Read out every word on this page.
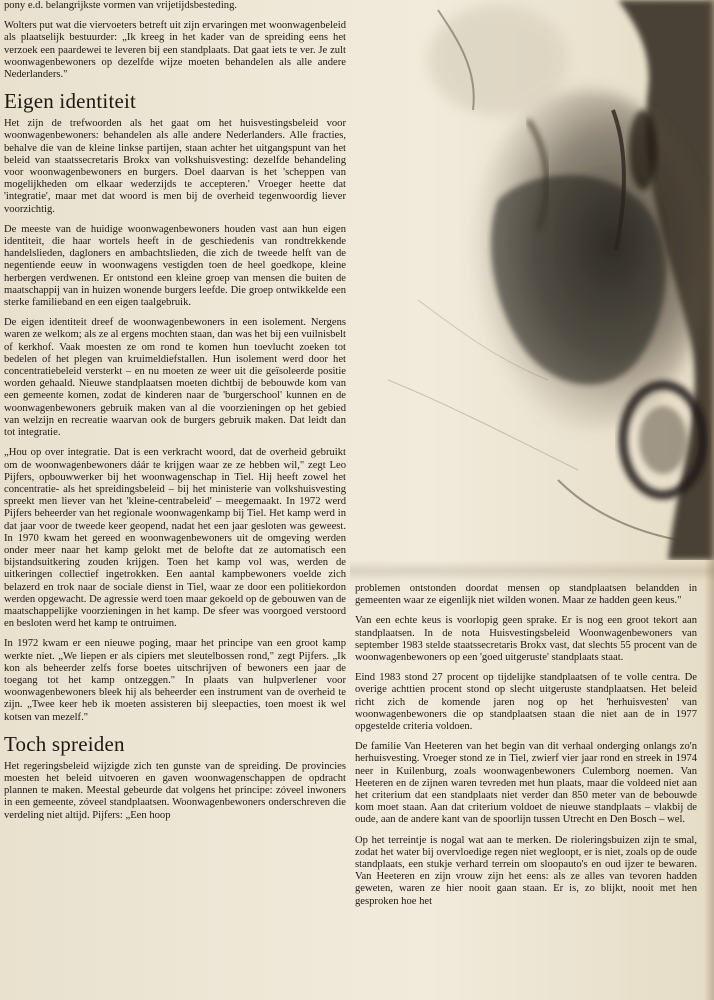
pony e.d. belangrijkste vormen van vrijetijdsbesteding.

Wolters put wat die viervoeters betreft uit zijn ervaringen met woonwagenbeleid als plaatselijk bestuurder: „Ik kreeg in het kader van de spreiding eens het verzoek een paardewei te leveren bij een standplaats. Dat gaat iets te ver. Je zult woonwagenbewoners op dezelfde wijze moeten behandelen als alle andere Nederlanders."

Eigen identiteit

Het zijn de trefwoorden als het gaat om het huisvestingsbeleid voor woonwagenbewoners: behandelen als alle andere Nederlanders. Alle fracties, behalve die van de kleine linkse partijen, staan achter het uitgangspunt van het beleid van staatssecretaris Brokx van volkshuisvesting: dezelfde behandeling voor woonwagenbewoners en burgers. Doel daarvan is het 'scheppen van mogelijkheden om elkaar wederzijds te accepteren.' Vroeger heette dat 'integratie', maar met dat woord is men bij de overheid tegenwoordig liever voorzichtig.

De meeste van de huidige woonwagenbewoners houden vast aan hun eigen identiteit, die haar wortels heeft in de geschiedenis van rondtrekkende handelslieden, dagloners en ambachtslieden, die zich de tweede helft van de negentiende eeuw in woonwagens vestigden toen de heel goedkope, kleine herbergen verdwenen. Er ontstond een kleine groep van mensen die buiten de maatschappij van in huizen wonende burgers leefde. Die groep ontwikkelde een sterke familieband en een eigen taalgebruik.

De eigen identiteit dreef de woonwagenbewoners in een isolement. Nergens waren ze welkom; als ze al ergens mochten staan, dan was het bij een vuilnisbelt of kerkhof. Vaak moesten ze om rond te komen hun toevlucht zoeken tot bedelen of het plegen van kruimeldiefstallen. Hun isolement werd door het concentratiebeleid versterkt – en nu moeten ze weer uit die geïsoleerde positie worden gehaald. Nieuwe standplaatsen moeten dichtbij de bebouwde kom van een gemeente komen, zodat de kinderen naar de 'burgerschool' kunnen en de woonwagenbewoners gebruik maken van al die voorzieningen op het gebied van welzijn en recreatie waarvan ook de burgers gebruik maken. Dat leidt dan tot integratie.

„Hou op over integratie. Dat is een verkracht woord, dat de overheid gebruikt om de woonwagenbewoners dáár te krijgen waar ze ze hebben wil," zegt Leo Pijfers, opbouwwerker bij het woonwagenschap in Tiel. Hij heeft zowel het concentratie- als het spreidingsbeleid – bij het ministerie van volkshuisvesting spreekt men liever van het 'kleine-centrabeleid' – meegemaakt. In 1972 werd Pijfers beheerder van het regionale woonwagenkamp bij Tiel. Het kamp werd in dat jaar voor de tweede keer geopend, nadat het een jaar gesloten was geweest. In 1970 kwam het gereed en woonwagenbewoners uit de omgeving werden onder meer naar het kamp gelokt met de belofte dat ze automatisch een bijstandsuitkering zouden krijgen. Toen het kamp vol was, werden de uitkeringen collectief ingetrokken. Een aantal kampbewoners voelde zich belazerd en trok naar de sociale dienst in Tiel, waar ze door een politiekordon werden opgewacht. De agressie werd toen maar gekoeld op de gebouwen van de maatschappelijke voorzieningen in het kamp. De sfeer was voorgoed verstoord en besloten werd het kamp te ontruimen.

In 1972 kwam er een nieuwe poging, maar het principe van een groot kamp werkte niet. „We liepen er als cipiers met sleutelbossen rond," zegt Pijfers. „Ik kon als beheerder zelfs forse boetes uitschrijven of bewoners een jaar de toegang tot het kamp ontzeggen." In plaats van hulpverlener voor woonwagenbewoners bleek hij als beheerder een instrument van de overheid te zijn. „Twee keer heb ik moeten assisteren bij sleepacties, toen moest ik wel kotsen van mezelf."

Toch spreiden

Het regeringsbeleid wijzigde zich ten gunste van de spreiding. De provincies moesten het beleid uitvoeren en gaven woonwagenschappen de opdracht plannen te maken. Meestal gebeurde dat volgens het principe: zóveel inwoners in een gemeente, zóveel standplaatsen. Woonwagenbewoners onderschreven die verdeling niet altijd. Pijfers: „Een hoop

problemen ontstonden doordat mensen op standplaatsen belandden in gemeenten waar ze eigenlijk niet wilden wonen. Maar ze hadden geen keus."

Van een echte keus is voorlopig geen sprake. Er is nog een groot tekort aan standplaatsen. In de nota Huisvestingsbeleid Woonwagenbewoners van september 1983 stelde staatssecretaris Brokx vast, dat slechts 55 procent van de woonwagenbewoners op een 'goed uitgeruste' standplaats staat.

Eind 1983 stond 27 procent op tijdelijke standplaatsen of te volle centra. De overige achttien procent stond op slecht uitgeruste standplaatsen. Het beleid richt zich de komende jaren nog op het 'herhuisvesten' van woonwagenbewoners die op standplaatsen staan die niet aan de in 1977 opgestelde criteria voldoen.

De familie Van Heeteren van het begin van dit verhaal onderging onlangs zo'n herhuisvesting. Vroeger stond ze in Tiel, zwierf vier jaar rond en streek in 1974 neer in Kuilenburg, zoals woonwagenbewoners Culemborg noemen. Van Heeteren en de zijnen waren tevreden met hun plaats, maar die voldeed niet aan het criterium dat een standplaats niet verder dan 850 meter van de bebouwde kom moet staan. Aan dat criterium voldoet de nieuwe standplaats – vlakbij de oude, aan de andere kant van de spoorlijn tussen Utrecht en Den Bosch – wel.

Op het terreintje is nogal wat aan te merken. De rioleringsbuizen zijn te smal, zodat het water bij overvloedige regen niet wegloopt, er is niet, zoals op de oude standplaats, een stukje verhard terrein om sloopauto's en oud ijzer te bewaren. Van Heeteren en zijn vrouw zijn het eens: als ze alles van tevoren hadden geweten, waren ze hier nooit gaan staan. Er is, zo blijkt, nooit met hen gesproken hoe het
